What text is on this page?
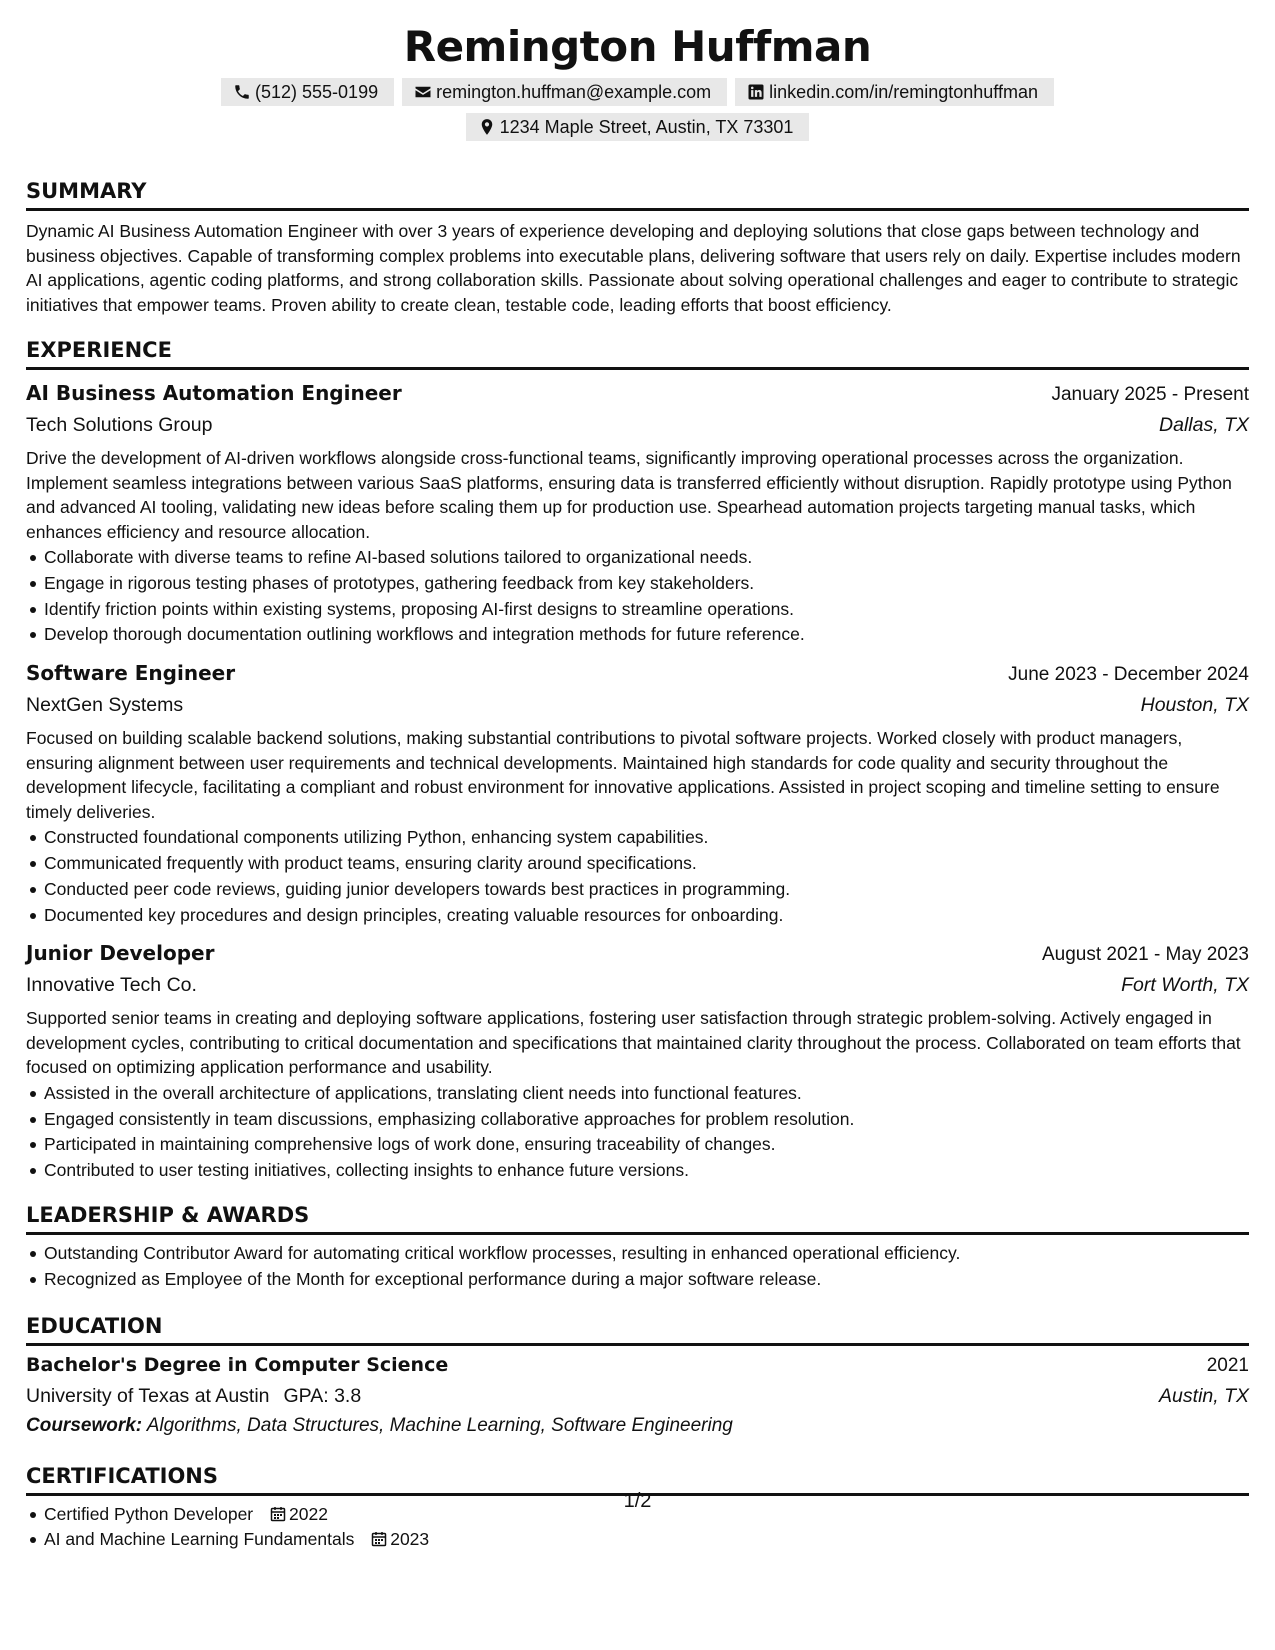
Remington Huffman
(512) 555-0199	remington.huffman@example.com	linkedin.com/in/remingtonhuffman
1234 Maple Street, Austin, TX 73301
SUMMARY
Dynamic AI Business Automation Engineer with over 3 years of experience developing and deploying solutions that close gaps between technology and business objectives. Capable of transforming complex problems into executable plans, delivering software that users rely on daily. Expertise includes modern AI applications, agentic coding platforms, and strong collaboration skills. Passionate about solving operational challenges and eager to contribute to strategic initiatives that empower teams. Proven ability to create clean, testable code, leading efforts that boost efficiency.
EXPERIENCE
AI Business Automation Engineer	January 2025 - Present
Tech Solutions Group	Dallas, TX
Drive the development of AI-driven workflows alongside cross-functional teams, significantly improving operational processes across the organization. Implement seamless integrations between various SaaS platforms, ensuring data is transferred efficiently without disruption. Rapidly prototype using Python and advanced AI tooling, validating new ideas before scaling them up for production use. Spearhead automation projects targeting manual tasks, which enhances efficiency and resource allocation.
Collaborate with diverse teams to refine AI-based solutions tailored to organizational needs.
Engage in rigorous testing phases of prototypes, gathering feedback from key stakeholders.
Identify friction points within existing systems, proposing AI-first designs to streamline operations.
Develop thorough documentation outlining workflows and integration methods for future reference.
Software Engineer	June 2023 - December 2024
NextGen Systems	Houston, TX
Focused on building scalable backend solutions, making substantial contributions to pivotal software projects. Worked closely with product managers, ensuring alignment between user requirements and technical developments. Maintained high standards for code quality and security throughout the development lifecycle, facilitating a compliant and robust environment for innovative applications. Assisted in project scoping and timeline setting to ensure timely deliveries.
Constructed foundational components utilizing Python, enhancing system capabilities.
Communicated frequently with product teams, ensuring clarity around specifications.
Conducted peer code reviews, guiding junior developers towards best practices in programming.
Documented key procedures and design principles, creating valuable resources for onboarding.
Junior Developer	August 2021 - May 2023
Innovative Tech Co.	Fort Worth, TX
Supported senior teams in creating and deploying software applications, fostering user satisfaction through strategic problem-solving. Actively engaged in development cycles, contributing to critical documentation and specifications that maintained clarity throughout the process. Collaborated on team efforts that focused on optimizing application performance and usability.
Assisted in the overall architecture of applications, translating client needs into functional features.
Engaged consistently in team discussions, emphasizing collaborative approaches for problem resolution.
Participated in maintaining comprehensive logs of work done, ensuring traceability of changes.
Contributed to user testing initiatives, collecting insights to enhance future versions.
LEADERSHIP & AWARDS
Outstanding Contributor Award for automating critical workflow processes, resulting in enhanced operational efficiency.
Recognized as Employee of the Month for exceptional performance during a major software release.
EDUCATION
Bachelor's Degree in Computer Science	2021
University of Texas at Austin GPA: 3.8	Austin, TX
Coursework: Algorithms, Data Structures, Machine Learning, Software Engineering
CERTIFICATIONS
Certified Python Developer 2022
AI and Machine Learning Fundamentals 2023
1/2
